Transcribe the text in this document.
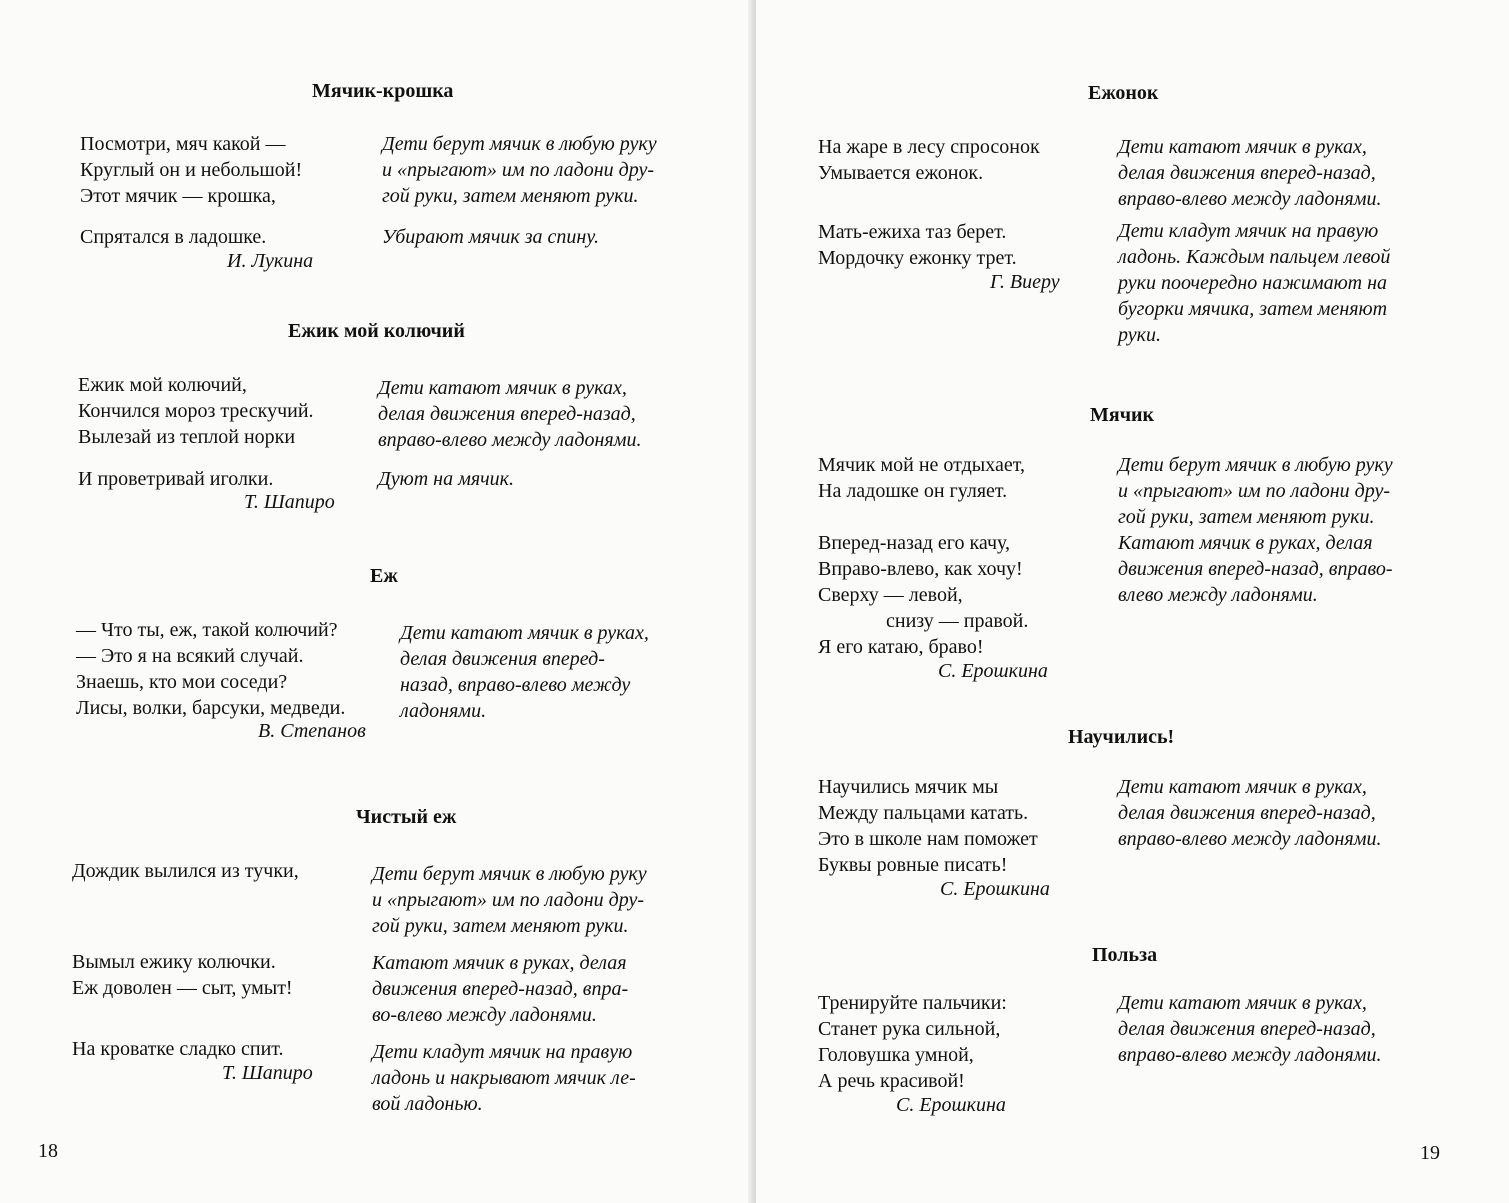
Мячик-крошка
Посмотри, мяч какой —
Круглый он и небольшой!
Этот мячик — крошка,
Спрятался в ладошке.
Дети берут мячик в любую руку
и «прыгают» им по ладони дру-
гой руки, затем меняют руки.
Убирают мячик за спину.
И. Лукина
Ежик мой колючий
Ежик мой колючий,
Кончился мороз трескучий.
Вылезай из теплой норки
И проветривай иголки.
Дети катают мячик в руках,
делая движения вперед-назад,
вправо-влево между ладонями.
Дуют на мячик.
Т. Шапиро
Еж
— Что ты, еж, такой колючий?
— Это я на всякий случай.
Знаешь, кто мои соседи?
Лисы, волки, барсуки, медведи.
Дети катают мячик в руках,
делая движения вперед-
назад, вправо-влево между
ладонями.
В. Степанов
Чистый еж
Дождик вылился из тучки,
Вымыл ежику колючки.
Еж доволен — сыт, умыт!
На кроватке сладко спит.
Дети берут мячик в любую руку
и «прыгают» им по ладони дру-
гой руки, затем меняют руки.
Катают мячик в руках, делая
движения вперед-назад, впра-
во-влево между ладонями.
Дети кладут мячик на правую
ладонь и накрывают мячик ле-
вой ладонью.
Т. Шапиро
18
Ежонок
На жаре в лесу спросонок
Умывается ежонок.
Мать-ежиха таз берет.
Мордочку ежонку трет.
Дети катают мячик в руках,
делая движения вперед-назад,
вправо-влево между ладонями.
Дети кладут мячик на правую
ладонь. Каждым пальцем левой
руки поочередно нажимают на
бугорки мячика, затем меняют
руки.
Г. Виеру
Мячик
Мячик мой не отдыхает,
На ладошке он гуляет.
Вперед-назад его качу,
Вправо-влево, как хочу!
Сверху — левой,
снизу — правой.
Я его катаю, браво!
Дети берут мячик в любую руку
и «прыгают» им по ладони дру-
гой руки, затем меняют руки.
Катают мячик в руках, делая
движения вперед-назад, вправо-
влево между ладонями.
С. Ерошкина
Научились!
Научились мячик мы
Между пальцами катать.
Это в школе нам поможет
Буквы ровные писать!
Дети катают мячик в руках,
делая движения вперед-назад,
вправо-влево между ладонями.
С. Ерошкина
Польза
Тренируйте пальчики:
Станет рука сильной,
Головушка умной,
А речь красивой!
Дети катают мячик в руках,
делая движения вперед-назад,
вправо-влево между ладонями.
С. Ерошкина
19
